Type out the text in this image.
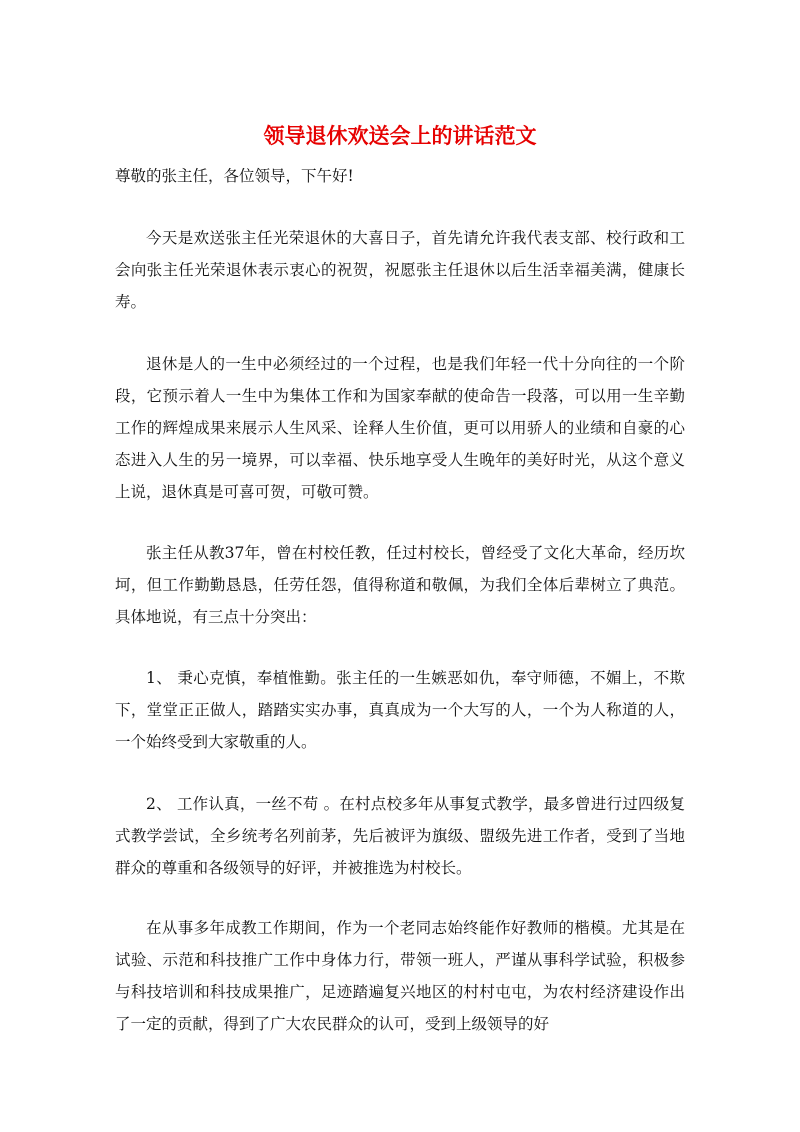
领导退休欢送会上的讲话范文

尊敬的张主任，各位领导，下午好!

今天是欢送张主任光荣退休的大喜日子，首先请允许我代表支部、校行政和工会向张主任光荣退休表示衷心的祝贺，祝愿张主任退休以后生活幸福美满，健康长寿。

退休是人的一生中必须经过的一个过程，也是我们年轻一代十分向往的一个阶段，它预示着人一生中为集体工作和为国家奉献的使命告一段落，可以用一生辛勤工作的辉煌成果来展示人生风采、诠释人生价值，更可以用骄人的业绩和自豪的心态进入人生的另一境界，可以幸福、快乐地享受人生晚年的美好时光，从这个意义上说，退休真是可喜可贺，可敬可赞。

张主任从教37年，曾在村校任教，任过村校长，曾经受了文化大革命，经历坎坷，但工作勤勤恳恳，任劳任怨，值得称道和敬佩，为我们全体后辈树立了典范。具体地说，有三点十分突出：

1、 秉心克慎，奉植惟勤。张主任的一生嫉恶如仇，奉守师德，不媚上，不欺下，堂堂正正做人，踏踏实实办事，真真成为一个大写的人，一个为人称道的人，一个始终受到大家敬重的人。

2、 工作认真，一丝不苟 。在村点校多年从事复式教学，最多曾进行过四级复式教学尝试，全乡统考名列前茅，先后被评为旗级、盟级先进工作者，受到了当地群众的尊重和各级领导的好评，并被推选为村校长。

在从事多年成教工作期间，作为一个老同志始终能作好教师的楷模。尤其是在试验、示范和科技推广工作中身体力行，带领一班人，严谨从事科学试验，积极参与科技培训和科技成果推广，足迹踏遍复兴地区的村村屯屯，为农村经济建设作出了一定的贡献，得到了广大农民群众的认可，受到上级领导的好
